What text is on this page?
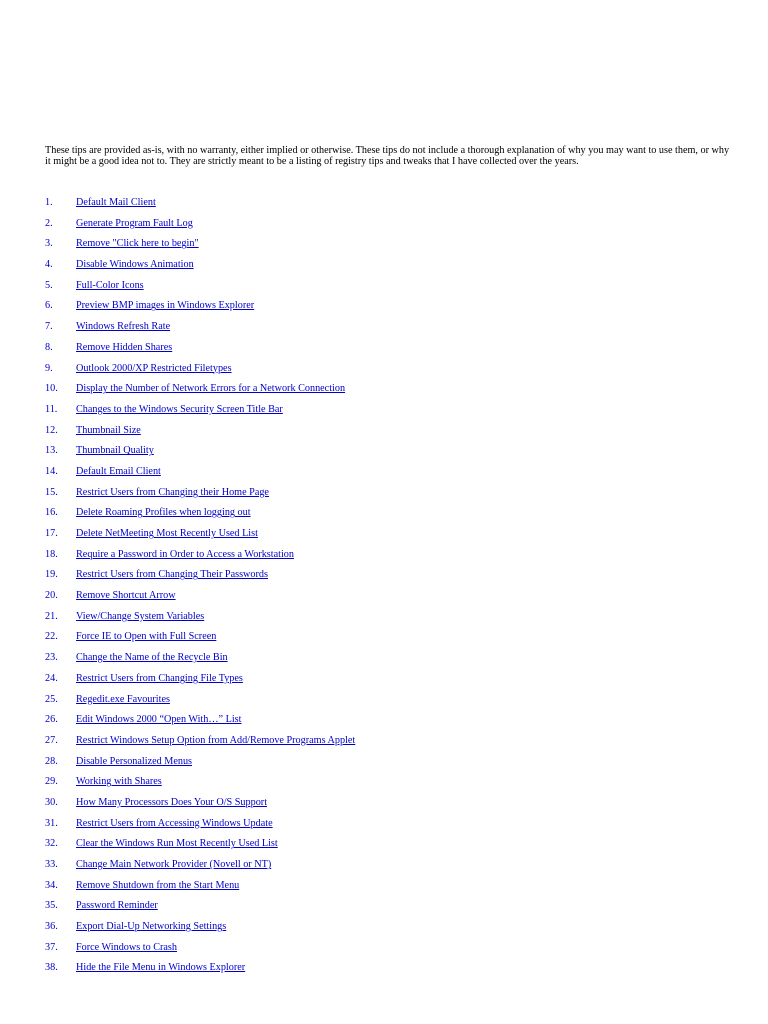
These tips are provided as-is, with no warranty, either implied or otherwise. These tips do not include a thorough explanation of why you may want to use them, or why it might be a good idea not to. They are strictly meant to be a listing of registry tips and tweaks that I have collected over the years.

1. Default Mail Client
2. Generate Program Fault Log
3. Remove "Click here to begin"
4. Disable Windows Animation
5. Full-Color Icons
6. Preview BMP images in Windows Explorer
7. Windows Refresh Rate
8. Remove Hidden Shares
9. Outlook 2000/XP Restricted Filetypes
10. Display the Number of Network Errors for a Network Connection
11. Changes to the Windows Security Screen Title Bar
12. Thumbnail Size
13. Thumbnail Quality
14. Default Email Client
15. Restrict Users from Changing their Home Page
16. Delete Roaming Profiles when logging out
17. Delete NetMeeting Most Recently Used List
18. Require a Password in Order to Access a Workstation
19. Restrict Users from Changing Their Passwords
20. Remove Shortcut Arrow
21. View/Change System Variables
22. Force IE to Open with Full Screen
23. Change the Name of the Recycle Bin
24. Restrict Users from Changing File Types
25. Regedit.exe Favourites
26. Edit Windows 2000 “Open With…” List
27. Restrict Windows Setup Option from Add/Remove Programs Applet
28. Disable Personalized Menus
29. Working with Shares
30. How Many Processors Does Your O/S Support
31. Restrict Users from Accessing Windows Update
32. Clear the Windows Run Most Recently Used List
33. Change Main Network Provider (Novell or NT)
34. Remove Shutdown from the Start Menu
35. Password Reminder
36. Export Dial-Up Networking Settings
37. Force Windows to Crash
38. Hide the File Menu in Windows Explorer
